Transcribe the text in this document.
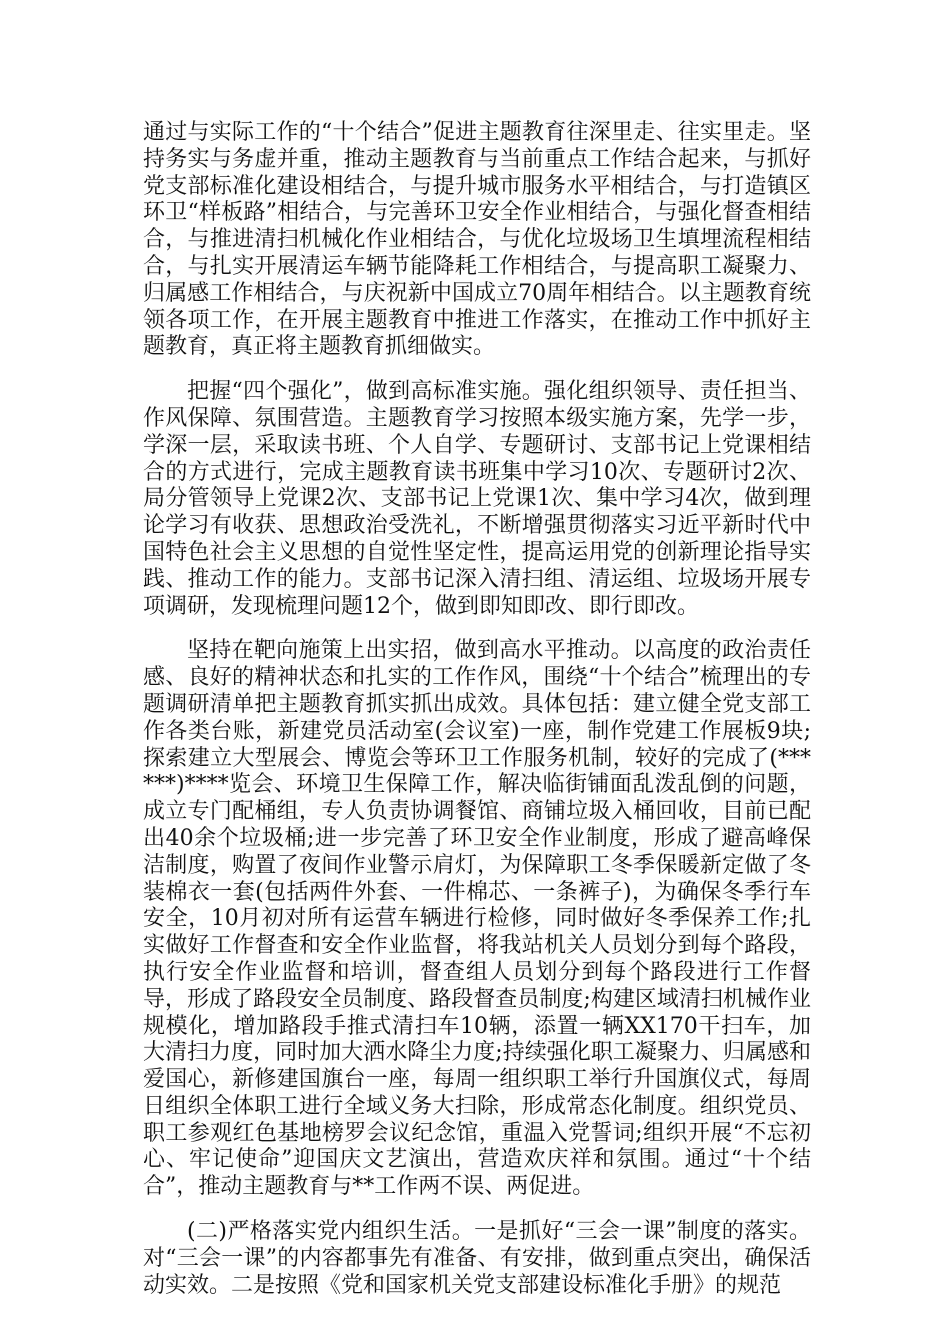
通过与实际工作的“十个结合”促进主题教育往深里走、往实里走。坚持务实与务虚并重，推动主题教育与当前重点工作结合起来，与抓好党支部标准化建设相结合，与提升城市服务水平相结合，与打造镇区环卫“样板路”相结合，与完善环卫安全作业相结合，与强化督查相结合，与推进清扫机械化作业相结合，与优化垃圾场卫生填埋流程相结合，与扎实开展清运车辆节能降耗工作相结合，与提高职工凝聚力、归属感工作相结合，与庆祝新中国成立70周年相结合。以主题教育统领各项工作，在开展主题教育中推进工作落实，在推动工作中抓好主题教育，真正将主题教育抓细做实。

把握“四个强化”，做到高标准实施。强化组织领导、责任担当、作风保障、氛围营造。主题教育学习按照本级实施方案，先学一步，学深一层，采取读书班、个人自学、专题研讨、支部书记上党课相结合的方式进行，完成主题教育读书班集中学习10次、专题研讨2次、局分管领导上党课2次、支部书记上党课1次、集中学习4次，做到理论学习有收获、思想政治受洗礼，不断增强贯彻落实习近平新时代中国特色社会主义思想的自觉性坚定性，提高运用党的创新理论指导实践、推动工作的能力。支部书记深入清扫组、清运组、垃圾场开展专项调研，发现梳理问题12个，做到即知即改、即行即改。

坚持在靶向施策上出实招，做到高水平推动。以高度的政治责任感、良好的精神状态和扎实的工作作风，围绕“十个结合”梳理出的专题调研清单把主题教育抓实抓出成效。具体包括：建立健全党支部工作各类台账，新建党员活动室(会议室)一座，制作党建工作展板9块;探索建立大型展会、博览会等环卫工作服务机制，较好的完成了(******)****览会、环境卫生保障工作，解决临街铺面乱泼乱倒的问题，成立专门配桶组，专人负责协调餐馆、商铺垃圾入桶回收，目前已配出40余个垃圾桶;进一步完善了环卫安全作业制度，形成了避高峰保洁制度，购置了夜间作业警示肩灯，为保障职工冬季保暖新定做了冬装棉衣一套(包括两件外套、一件棉芯、一条裤子)，为确保冬季行车安全，10月初对所有运营车辆进行检修，同时做好冬季保养工作;扎实做好工作督查和安全作业监督，将我站机关人员划分到每个路段，执行安全作业监督和培训，督查组人员划分到每个路段进行工作督导，形成了路段安全员制度、路段督查员制度;构建区域清扫机械作业规模化，增加路段手推式清扫车10辆，添置一辆XX170干扫车，加大清扫力度，同时加大洒水降尘力度;持续强化职工凝聚力、归属感和爱国心，新修建国旗台一座，每周一组织职工举行升国旗仪式，每周日组织全体职工进行全域义务大扫除，形成常态化制度。组织党员、职工参观红色基地榜罗会议纪念馆，重温入党誓词;组织开展“不忘初心、牢记使命”迎国庆文艺演出，营造欢庆祥和氛围。通过“十个结合”，推动主题教育与**工作两不误、两促进。

(二)严格落实党内组织生活。一是抓好“三会一课”制度的落实。对“三会一课”的内容都事先有准备、有安排，做到重点突出，确保活动实效。二是按照《党和国家机关党支部建设标准化手册》的规范
